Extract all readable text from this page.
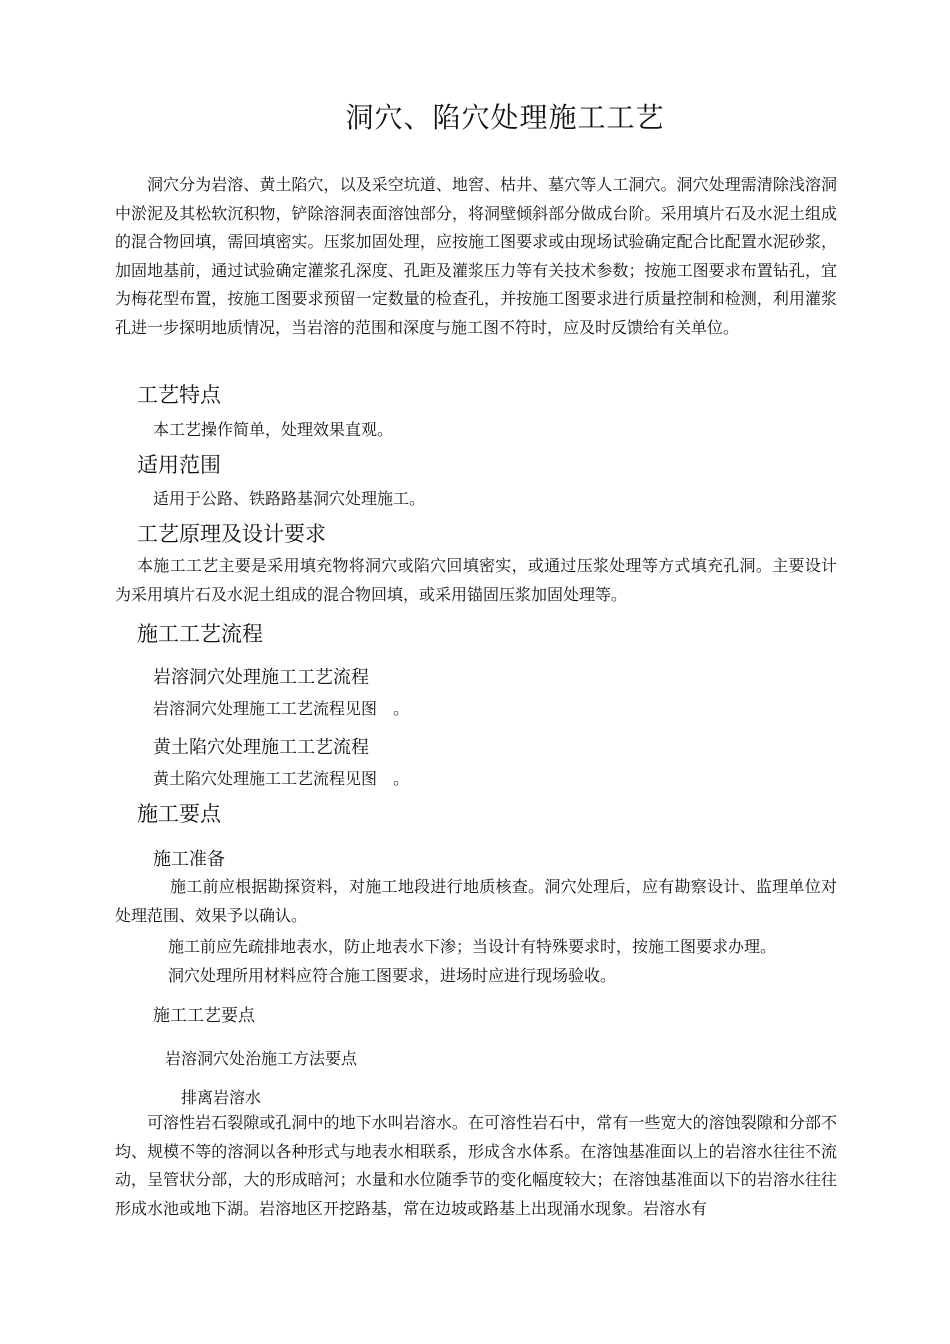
洞穴、陷穴处理施工工艺

洞穴分为岩溶、黄土陷穴，以及采空坑道、地窖、枯井、墓穴等人工洞穴。洞穴处理需清除浅溶洞中淤泥及其松软沉积物，铲除溶洞表面溶蚀部分，将洞壁倾斜部分做成台阶。采用填片石及水泥土组成的混合物回填，需回填密实。压浆加固处理，应按施工图要求或由现场试验确定配合比配置水泥砂浆，加固地基前，通过试验确定灌浆孔深度、孔距及灌浆压力等有关技术参数；按施工图要求布置钻孔，宜为梅花型布置，按施工图要求预留一定数量的检查孔，并按施工图要求进行质量控制和检测，利用灌浆孔进一步探明地质情况，当岩溶的范围和深度与施工图不符时，应及时反馈给有关单位。

工艺特点
本工艺操作简单，处理效果直观。
适用范围
适用于公路、铁路路基洞穴处理施工。
工艺原理及设计要求

本施工工艺主要是采用填充物将洞穴或陷穴回填密实，或通过压浆处理等方式填充孔洞。主要设计为采用填片石及水泥土组成的混合物回填，或采用锚固压浆加固处理等。

施工工艺流程
岩溶洞穴处理施工工艺流程
岩溶洞穴处理施工工艺流程见图　。
黄土陷穴处理施工工艺流程
黄土陷穴处理施工工艺流程见图　。
施工要点
施工准备

施工前应根据勘探资料，对施工地段进行地质核查。洞穴处理后，应有勘察设计、监理单位对处理范围、效果予以确认。

施工前应先疏排地表水，防止地表水下渗；当设计有特殊要求时，按施工图要求办理。
洞穴处理所用材料应符合施工图要求，进场时应进行现场验收。
施工工艺要点
岩溶洞穴处治施工方法要点
排离岩溶水

可溶性岩石裂隙或孔洞中的地下水叫岩溶水。在可溶性岩石中，常有一些宽大的溶蚀裂隙和分部不均、规模不等的溶洞以各种形式与地表水相联系，形成含水体系。在溶蚀基准面以上的岩溶水往往不流动，呈管状分部，大的形成暗河；水量和水位随季节的变化幅度较大；在溶蚀基准面以下的岩溶水往往形成水池或地下湖。岩溶地区开挖路基，常在边坡或路基上出现涌水现象。岩溶水有
